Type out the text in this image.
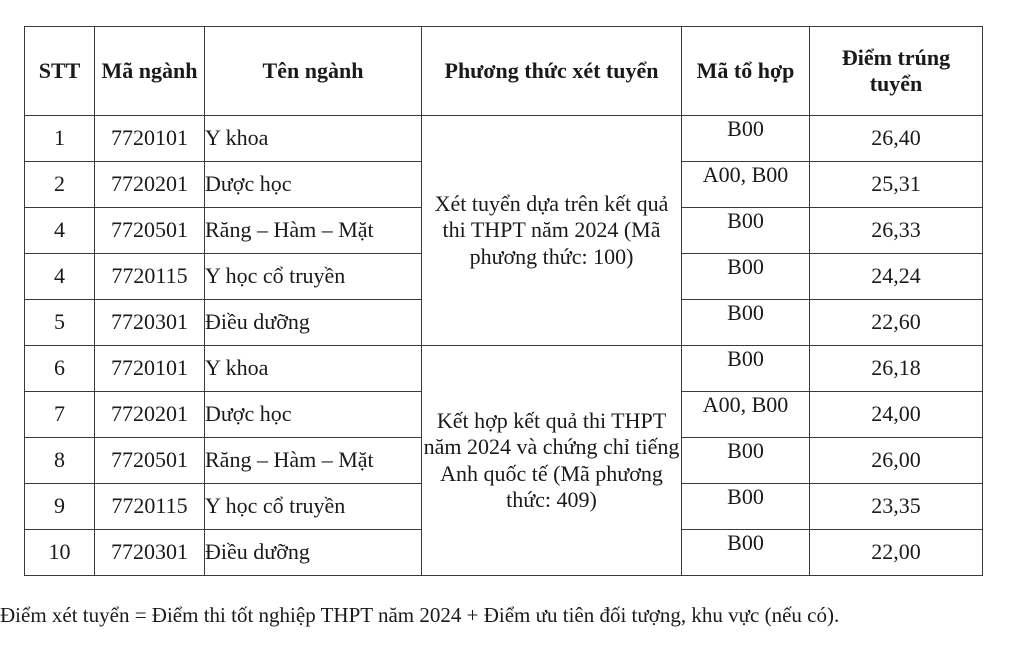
STT	Mã ngành	Tên ngành	Phương thức xét tuyển	Mã tổ hợp	Điểm trúng tuyển
1	7720101	Y khoa	Xét tuyển dựa trên kết quả thi THPT năm 2024 (Mã phương thức: 100)	B00	26,40
2	7720201	Dược học		A00, B00	25,31
4	7720501	Răng – Hàm – Mặt		B00	26,33
4	7720115	Y học cổ truyền		B00	24,24
5	7720301	Điều dưỡng		B00	22,60
6	7720101	Y khoa	Kết hợp kết quả thi THPT năm 2024 và chứng chỉ tiếng Anh quốc tế (Mã phương thức: 409)	B00	26,18
7	7720201	Dược học		A00, B00	24,00
8	7720501	Răng – Hàm – Mặt		B00	26,00
9	7720115	Y học cổ truyền		B00	23,35
10	7720301	Điều dưỡng		B00	22,00
Điểm xét tuyển = Điểm thi tốt nghiệp THPT năm 2024 + Điểm ưu tiên đối tượng, khu vực (nếu có).
